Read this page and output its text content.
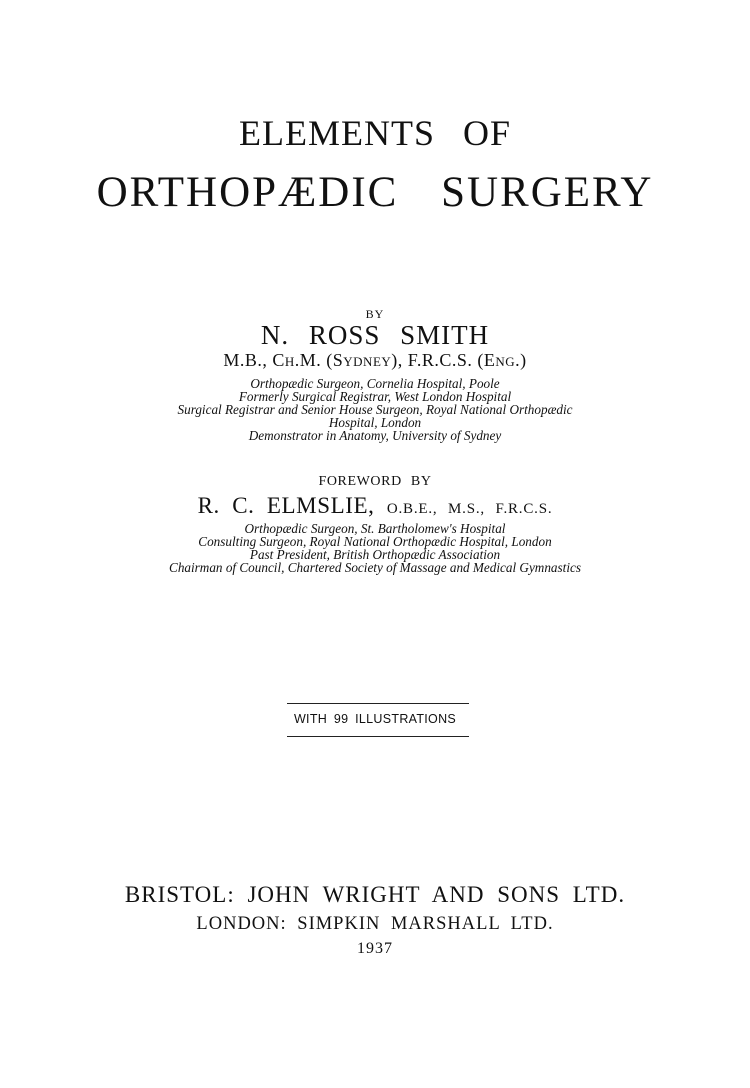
ELEMENTS OF
ORTHOPÆDIC SURGERY
BY
N. ROSS SMITH
M.B., Ch.M. (Sydney), F.R.C.S. (Eng.)
Orthopædic Surgeon, Cornelia Hospital, Poole
Formerly Surgical Registrar, West London Hospital
Surgical Registrar and Senior House Surgeon, Royal National Orthopædic
Hospital, London
Demonstrator in Anatomy, University of Sydney
FOREWORD BY
R. C. ELMSLIE, O.B.E., M.S., F.R.C.S.
Orthopædic Surgeon, St. Bartholomew's Hospital
Consulting Surgeon, Royal National Orthopædic Hospital, London
Past President, British Orthopædic Association
Chairman of Council, Chartered Society of Massage and Medical Gymnastics
WITH 99 ILLUSTRATIONS
BRISTOL: JOHN WRIGHT AND SONS LTD.
LONDON: SIMPKIN MARSHALL LTD.
1937
